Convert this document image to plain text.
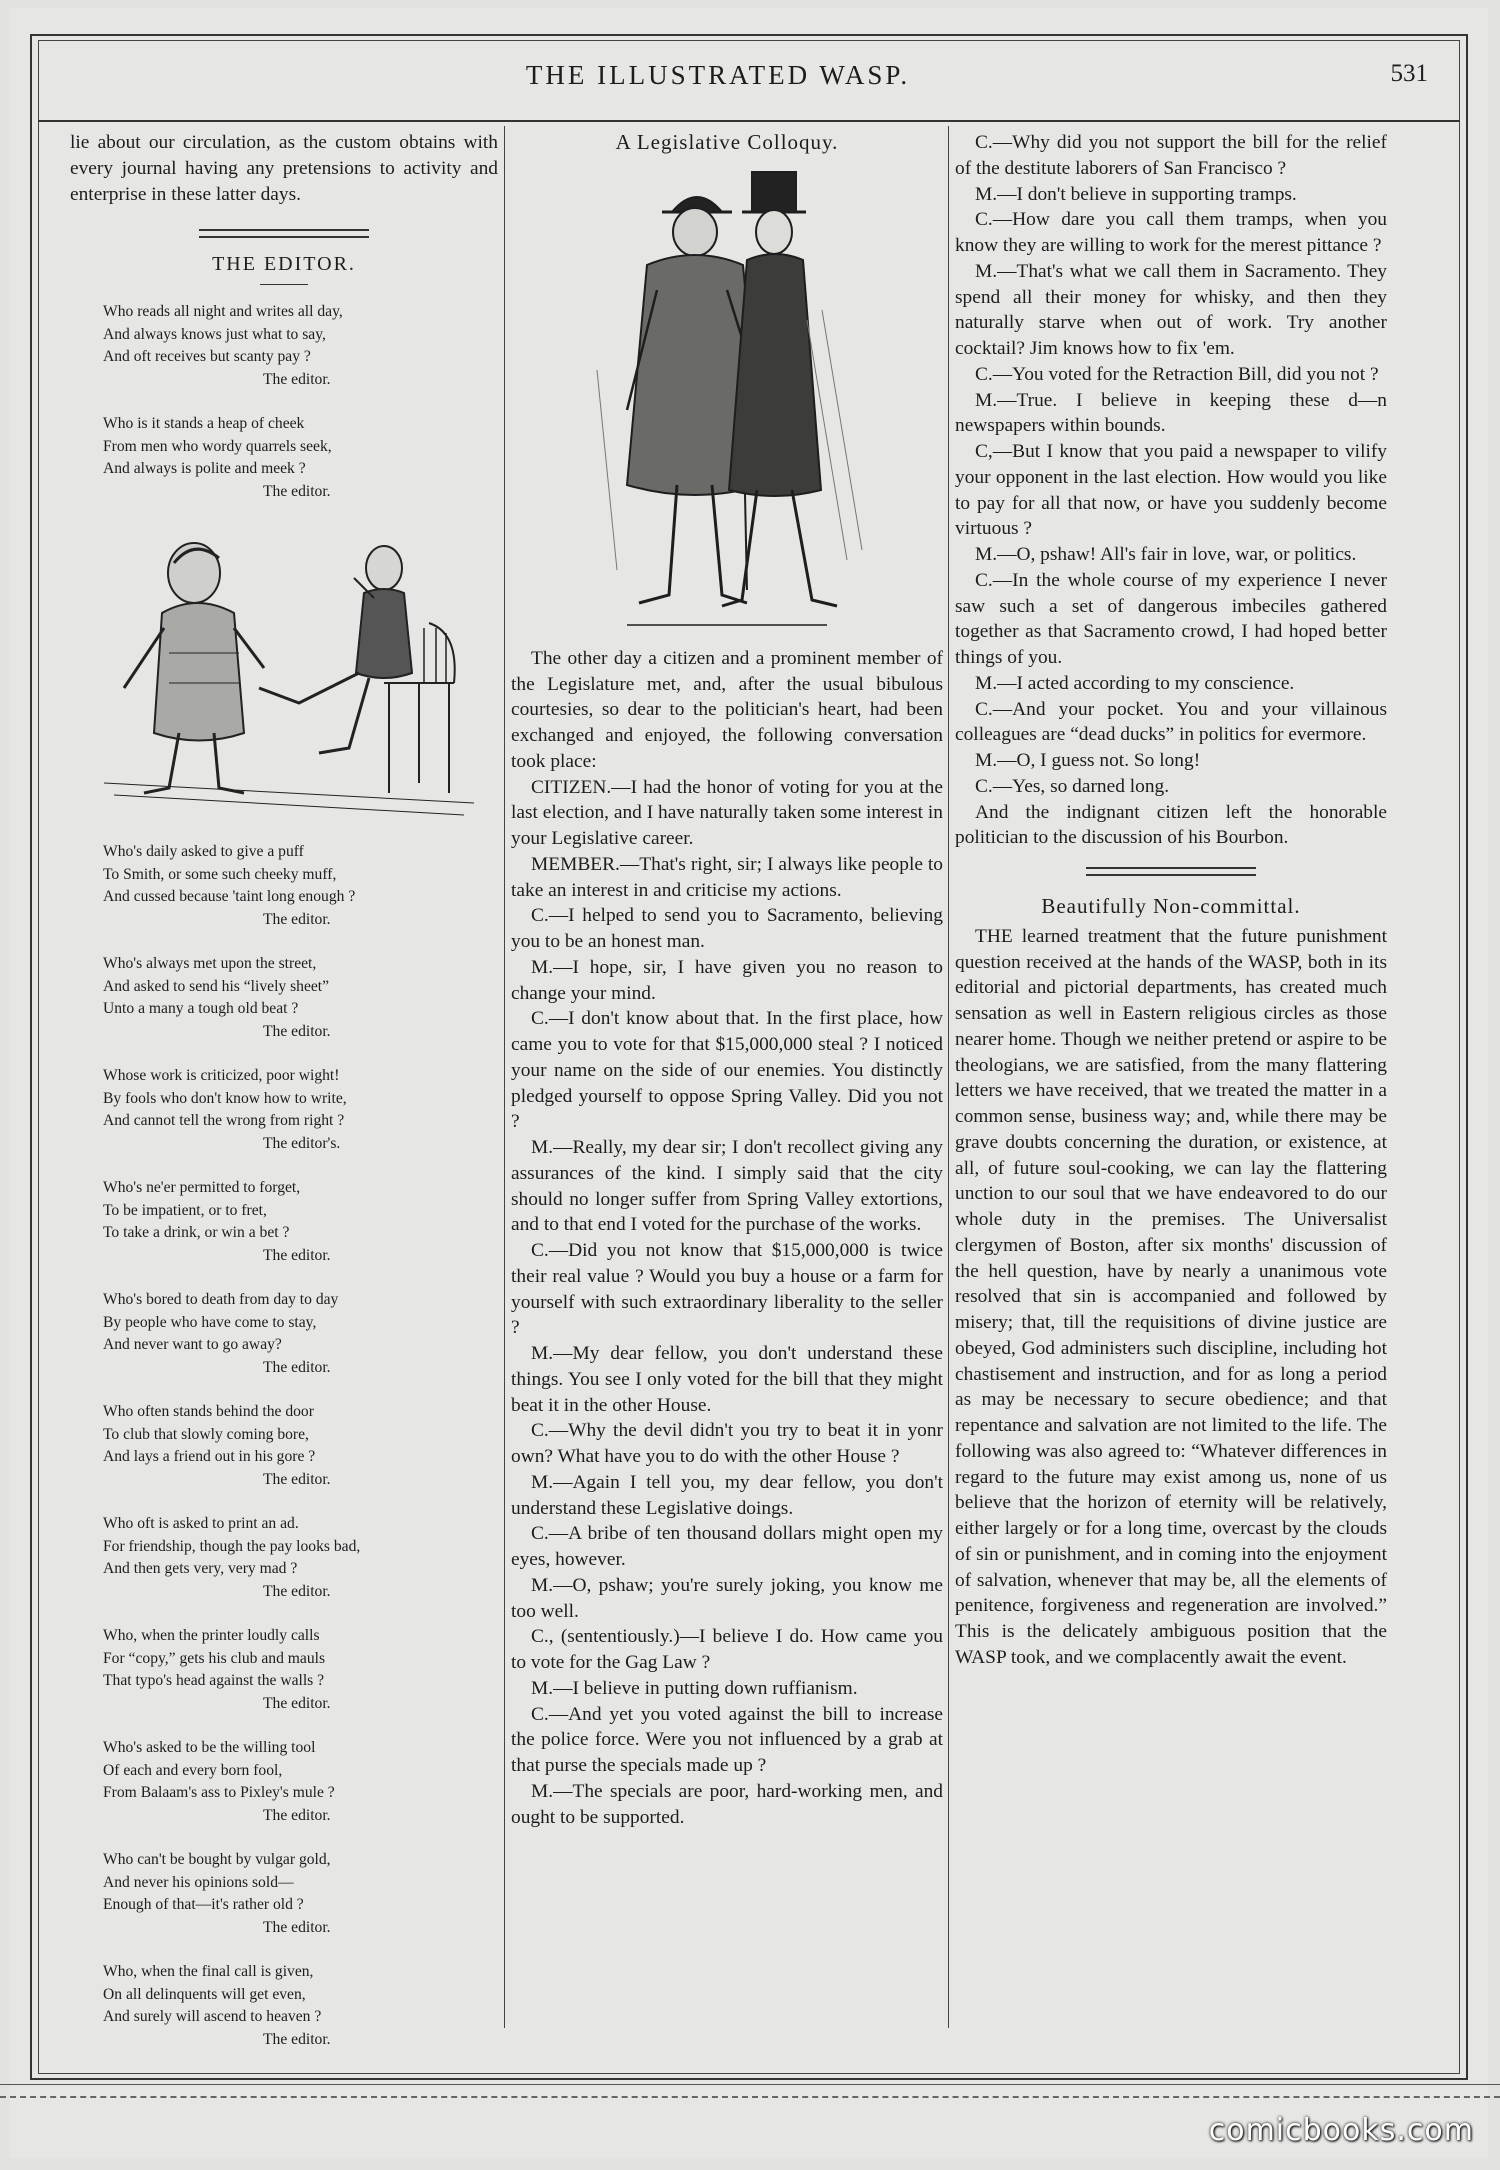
THE ILLUSTRATED WASP.	531

lie about our circulation, as the custom obtains with every journal having any pretensions to activity and enterprise in these latter days.

THE EDITOR.
Who reads all night and writes all day,
And always knows just what to say,
And oft receives but scanty pay ?
The editor.
Who is it stands a heap of cheek
From men who wordy quarrels seek,
And always is polite and meek ?
The editor.
Who's daily asked to give a puff
To Smith, or some such cheeky muff,
And cussed because 'taint long enough ?
The editor.
Who's always met upon the street,
And asked to send his “lively sheet”
Unto a many a tough old beat ?
The editor.
Whose work is criticized, poor wight!
By fools who don't know how to write,
And cannot tell the wrong from right ?
The editor's.
Who's ne'er permitted to forget,
To be impatient, or to fret,
To take a drink, or win a bet ?
The editor.
Who's bored to death from day to day
By people who have come to stay,
And never want to go away?
The editor.
Who often stands behind the door
To club that slowly coming bore,
And lays a friend out in his gore ?
The editor.
Who oft is asked to print an ad.
For friendship, though the pay looks bad,
And then gets very, very mad ?
The editor.
Who, when the printer loudly calls
For “copy,” gets his club and mauls
That typo's head against the walls ?
The editor.
Who's asked to be the willing tool
Of each and every born fool,
From Balaam's ass to Pixley's mule ?
The editor.
Who can't be bought by vulgar gold,
And never his opinions sold—
Enough of that—it's rather old ?
The editor.
Who, when the final call is given,
On all delinquents will get even,
And surely will ascend to heaven ?
The editor.
A Legislative Colloquy.

The other day a citizen and a prominent member of the Legislature met, and, after the usual bibulous courtesies, so dear to the politician's heart, had been exchanged and enjoyed, the following conversation took place:

CITIZEN.—I had the honor of voting for you at the last election, and I have naturally taken some interest in your Legislative career.

MEMBER.—That's right, sir; I always like people to take an interest in and criticise my actions.

C.—I helped to send you to Sacramento, believing you to be an honest man.

M.—I hope, sir, I have given you no reason to change your mind.

C.—I don't know about that. In the first place, how came you to vote for that $15,000,000 steal ? I noticed your name on the side of our enemies. You distinctly pledged yourself to oppose Spring Valley. Did you not ?

M.—Really, my dear sir; I don't recollect giving any assurances of the kind. I simply said that the city should no longer suffer from Spring Valley extortions, and to that end I voted for the purchase of the works.

C.—Did you not know that $15,000,000 is twice their real value ? Would you buy a house or a farm for yourself with such extraordinary liberality to the seller ?

M.—My dear fellow, you don't understand these things. You see I only voted for the bill that they might beat it in the other House.

C.—Why the devil didn't you try to beat it in yonr own? What have you to do with the other House ?

M.—Again I tell you, my dear fellow, you don't understand these Legislative doings.

C.—A bribe of ten thousand dollars might open my eyes, however.

M.—O, pshaw; you're surely joking, you know me too well.

C., (sententiously.)—I believe I do. How came you to vote for the Gag Law ?

M.—I believe in putting down ruffianism.

C.—And yet you voted against the bill to increase the police force. Were you not influenced by a grab at that purse the specials made up ?

M.—The specials are poor, hard-working men, and ought to be supported.

C.—Why did you not support the bill for the relief of the destitute laborers of San Francisco ?

M.—I don't believe in supporting tramps.

C.—How dare you call them tramps, when you know they are willing to work for the merest pittance ?

M.—That's what we call them in Sacramento. They spend all their money for whisky, and then they naturally starve when out of work. Try another cocktail? Jim knows how to fix 'em.

C.—You voted for the Retraction Bill, did you not ?

M.—True. I believe in keeping these d—n newspapers within bounds.

C,—But I know that you paid a newspaper to vilify your opponent in the last election. How would you like to pay for all that now, or have you suddenly become virtuous ?

M.—O, pshaw! All's fair in love, war, or politics.

C.—In the whole course of my experience I never saw such a set of dangerous imbeciles gathered together as that Sacramento crowd, I had hoped better things of you.

M.—I acted according to my conscience.

C.—And your pocket. You and your villainous colleagues are “dead ducks” in politics for evermore.

M.—O, I guess not. So long!

C.—Yes, so darned long.

And the indignant citizen left the honorable politician to the discussion of his Bourbon.

Beautifully Non-committal.

THE learned treatment that the future punishment question received at the hands of the WASP, both in its editorial and pictorial departments, has created much sensation as well in Eastern religious circles as those nearer home. Though we neither pretend or aspire to be theologians, we are satisfied, from the many flattering letters we have received, that we treated the matter in a common sense, business way; and, while there may be grave doubts concerning the duration, or existence, at all, of future soul-cooking, we can lay the flattering unction to our soul that we have endeavored to do our whole duty in the premises. The Universalist clergymen of Boston, after six months' discussion of the hell question, have by nearly a unanimous vote resolved that sin is accompanied and followed by misery; that, till the requisitions of divine justice are obeyed, God administers such discipline, including hot chastisement and instruction, and for as long a period as may be necessary to secure obedience; and that repentance and salvation are not limited to the life. The following was also agreed to: “Whatever differences in regard to the future may exist among us, none of us believe that the horizon of eternity will be relatively, either largely or for a long time, overcast by the clouds of sin or punishment, and in coming into the enjoyment of salvation, whenever that may be, all the elements of penitence, forgiveness and regeneration are involved.” This is the delicately ambiguous position that the WASP took, and we complacently await the event.

comicbooks.com
